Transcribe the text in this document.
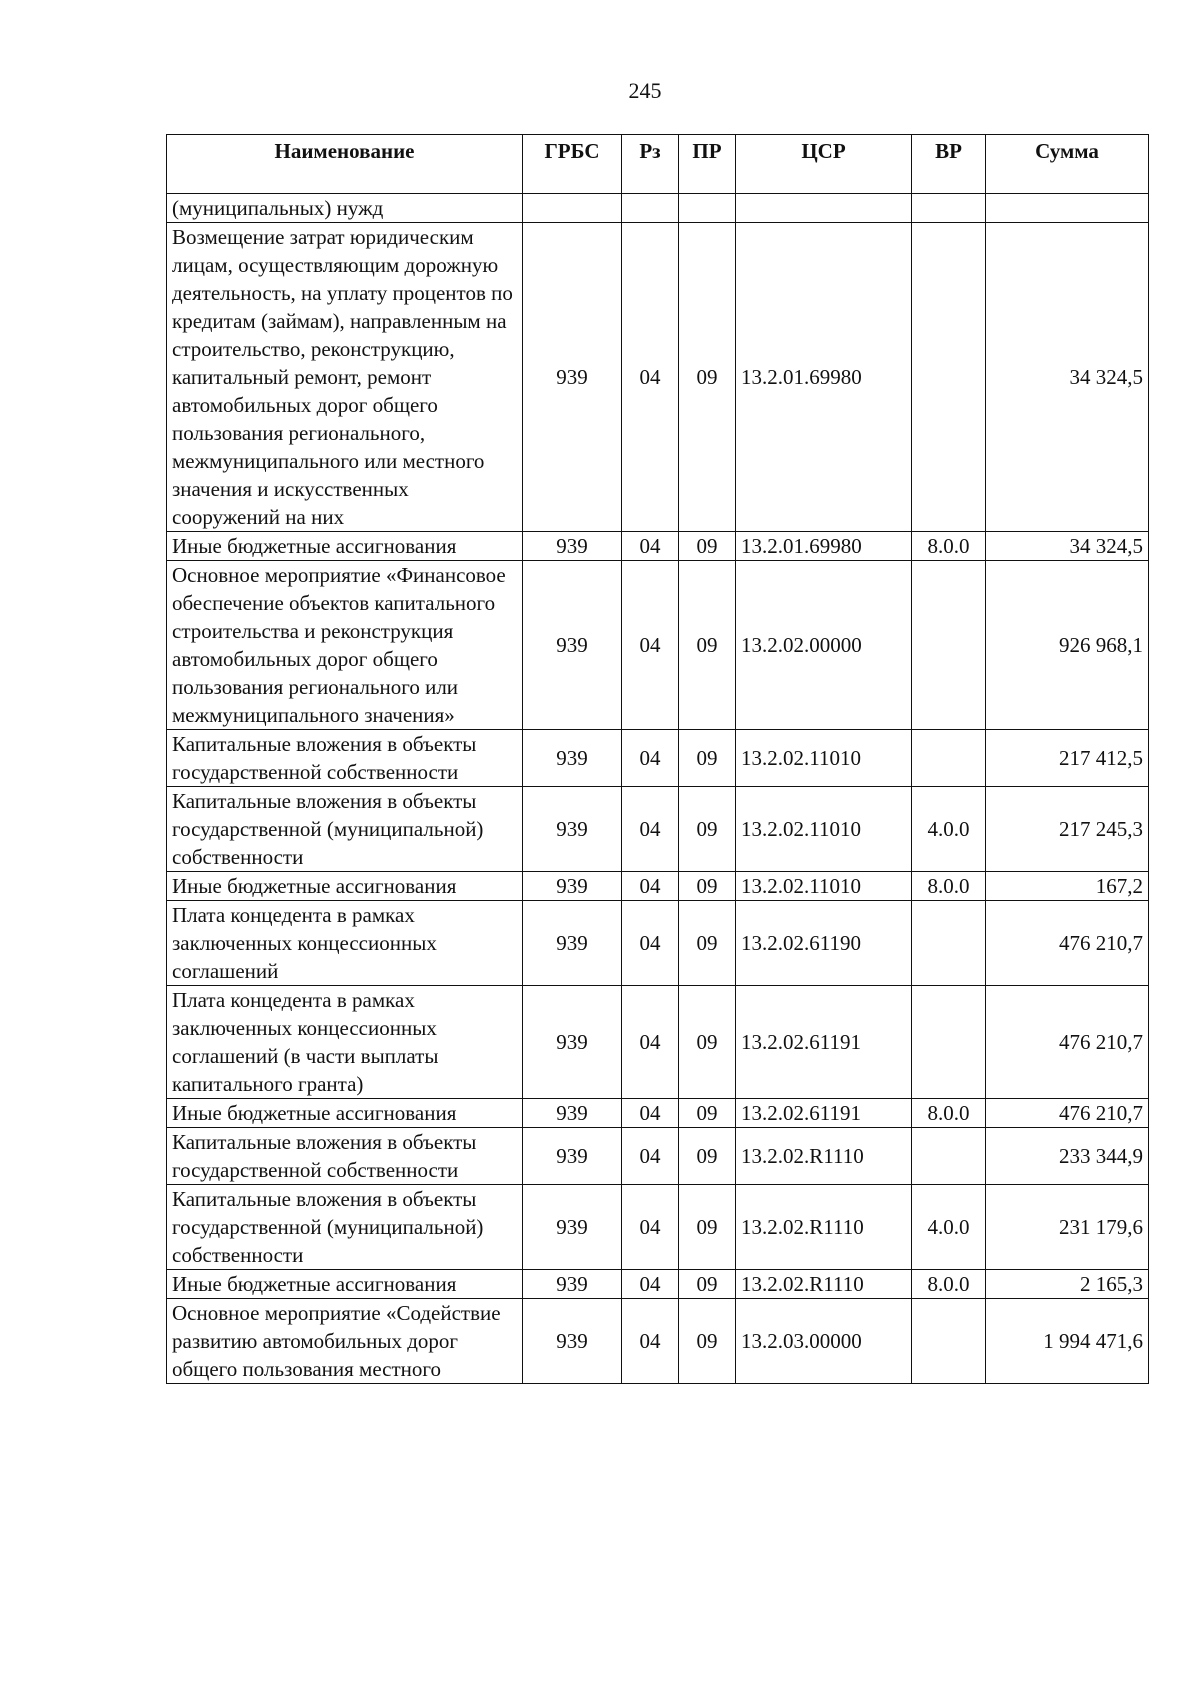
245
Наименование	ГРБС	Рз	ПР	ЦСР	ВР	Сумма
(муниципальных) нужд						
Возмещение затрат юридическим лицам, осуществляющим дорожную деятельность, на уплату процентов по кредитам (займам), направленным на строительство, реконструкцию, капитальный ремонт, ремонт автомобильных дорог общего пользования регионального, межмуниципального или местного значения и искусственных сооружений на них	939	04	09	13.2.01.69980		34 324,5
Иные бюджетные ассигнования	939	04	09	13.2.01.69980	8.0.0	34 324,5
Основное мероприятие «Финансовое обеспечение объектов капитального строительства и реконструкция автомобильных дорог общего пользования регионального или межмуниципального значения»	939	04	09	13.2.02.00000		926 968,1
Капитальные вложения в объекты государственной собственности	939	04	09	13.2.02.11010		217 412,5
Капитальные вложения в объекты государственной (муниципальной) собственности	939	04	09	13.2.02.11010	4.0.0	217 245,3
Иные бюджетные ассигнования	939	04	09	13.2.02.11010	8.0.0	167,2
Плата концедента в рамках заключенных концессионных соглашений	939	04	09	13.2.02.61190		476 210,7
Плата концедента в рамках заключенных концессионных соглашений (в части выплаты капитального гранта)	939	04	09	13.2.02.61191		476 210,7
Иные бюджетные ассигнования	939	04	09	13.2.02.61191	8.0.0	476 210,7
Капитальные вложения в объекты государственной собственности	939	04	09	13.2.02.R1110		233 344,9
Капитальные вложения в объекты государственной (муниципальной) собственности	939	04	09	13.2.02.R1110	4.0.0	231 179,6
Иные бюджетные ассигнования	939	04	09	13.2.02.R1110	8.0.0	2 165,3
Основное мероприятие «Содействие развитию автомобильных дорог общего пользования местного	939	04	09	13.2.03.00000		1 994 471,6
